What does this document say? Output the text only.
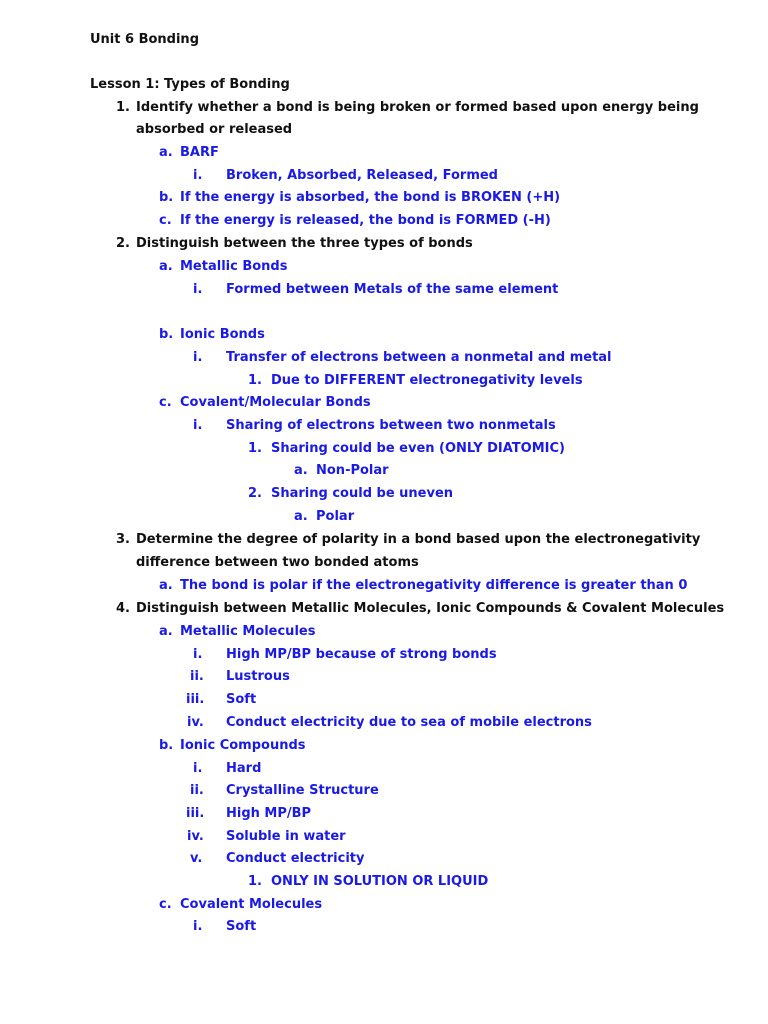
Unit 6 Bonding
Lesson 1: Types of Bonding
1. Identify whether a bond is being broken or formed based upon energy being
absorbed or released
a. BARF
i. Broken, Absorbed, Released, Formed
b. If the energy is absorbed, the bond is BROKEN (+H)
c. If the energy is released, the bond is FORMED (-H)
2. Distinguish between the three types of bonds
a. Metallic Bonds
i. Formed between Metals of the same element
b. Ionic Bonds
i. Transfer of electrons between a nonmetal and metal
1. Due to DIFFERENT electronegativity levels
c. Covalent/Molecular Bonds
i. Sharing of electrons between two nonmetals
1. Sharing could be even (ONLY DIATOMIC)
a. Non-Polar
2. Sharing could be uneven
a. Polar
3. Determine the degree of polarity in a bond based upon the electronegativity
difference between two bonded atoms
a. The bond is polar if the electronegativity difference is greater than 0
4. Distinguish between Metallic Molecules, Ionic Compounds & Covalent Molecules
a. Metallic Molecules
i. High MP/BP because of strong bonds
ii. Lustrous
iii. Soft
iv. Conduct electricity due to sea of mobile electrons
b. Ionic Compounds
i. Hard
ii. Crystalline Structure
iii. High MP/BP
iv. Soluble in water
v. Conduct electricity
1. ONLY IN SOLUTION OR LIQUID
c. Covalent Molecules
i. Soft
